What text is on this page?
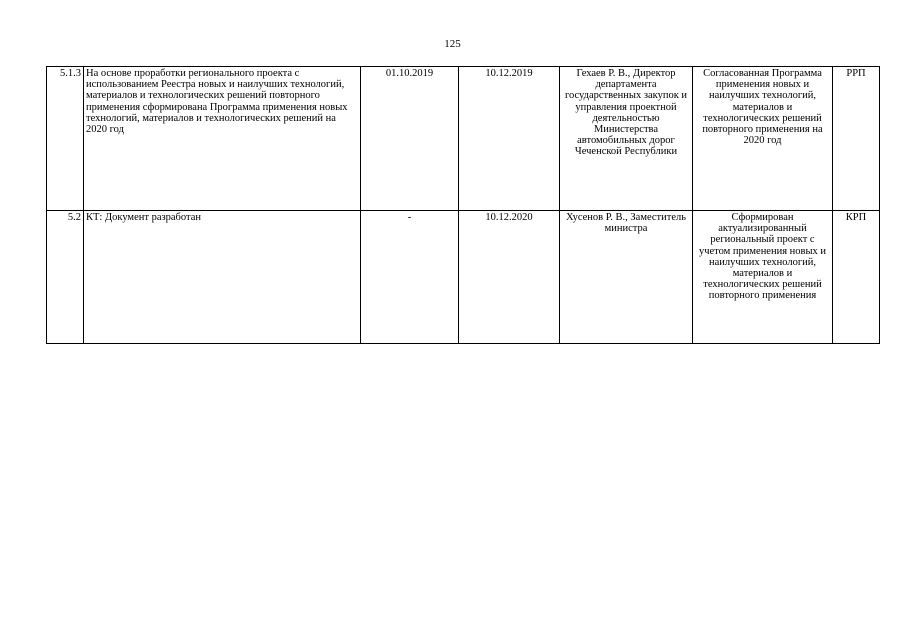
125
5.1.3	На основе проработки регионального проекта с использованием Реестра новых и наилучших технологий, материалов и технологических решений повторного применения сформирована Программа применения новых технологий, материалов и технологических решений на 2020 год	01.10.2019	10.12.2019	Гехаев Р. В., Директор департамента государственных закупок и управления проектной деятельностью Министерства автомобильных дорог Чеченской Республики	Согласованная Программа применения новых и наилучших технологий, материалов и технологических решений повторного применения на 2020 год	РРП
5.2	КТ: Документ разработан	-	10.12.2020	Хусенов Р. В., Заместитель министра	Сформирован актуализированный региональный проект с учетом применения новых и наилучших технологий, материалов и технологических решений повторного применения	КРП
